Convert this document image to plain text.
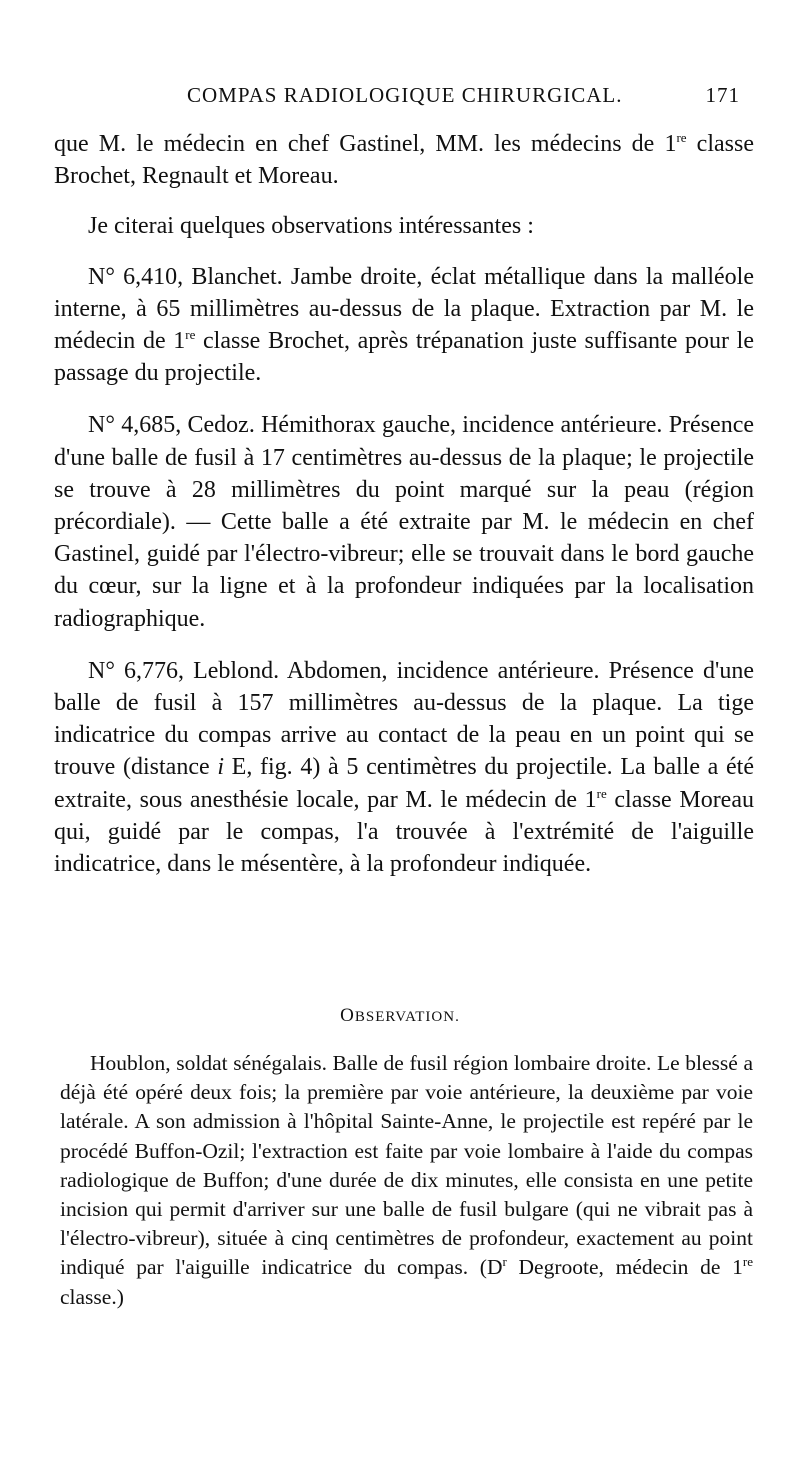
COMPAS RADIOLOGIQUE CHIRURGICAL.	171

que M. le médecin en chef Gastinel, MM. les médecins de 1re classe Brochet, Regnault et Moreau.

Je citerai quelques observations intéressantes :

N° 6,410, Blanchet. Jambe droite, éclat métallique dans la malléole interne, à 65 millimètres au-dessus de la plaque. Extraction par M. le médecin de 1re classe Brochet, après trépanation juste suffisante pour le passage du projectile.

N° 4,685, Cedoz. Hémithorax gauche, incidence antérieure. Présence d'une balle de fusil à 17 centimètres au-dessus de la plaque; le projectile se trouve à 28 millimètres du point marqué sur la peau (région précordiale). — Cette balle a été extraite par M. le médecin en chef Gastinel, guidé par l'électro-vibreur; elle se trouvait dans le bord gauche du cœur, sur la ligne et à la profondeur indiquées par la localisation radiographique.

N° 6,776, Leblond. Abdomen, incidence antérieure. Présence d'une balle de fusil à 157 millimètres au-dessus de la plaque. La tige indicatrice du compas arrive au contact de la peau en un point qui se trouve (distance i E, fig. 4) à 5 centimètres du projectile. La balle a été extraite, sous anesthésie locale, par M. le médecin de 1re classe Moreau qui, guidé par le compas, l'a trouvée à l'extrémité de l'aiguille indicatrice, dans le mésentère, à la profondeur indiquée.

OBSERVATION.

Houblon, soldat sénégalais. Balle de fusil région lombaire droite. Le blessé a déjà été opéré deux fois; la première par voie antérieure, la deuxième par voie latérale. A son admission à l'hôpital Sainte-Anne, le projectile est repéré par le procédé Buffon-Ozil; l'extraction est faite par voie lombaire à l'aide du compas radiologique de Buffon; d'une durée de dix minutes, elle consista en une petite incision qui permit d'arriver sur une balle de fusil bulgare (qui ne vibrait pas à l'électro-vibreur), située à cinq centimètres de profondeur, exactement au point indiqué par l'aiguille indicatrice du compas. ($D^r$ Degroote, médecin de 1re classe.)
